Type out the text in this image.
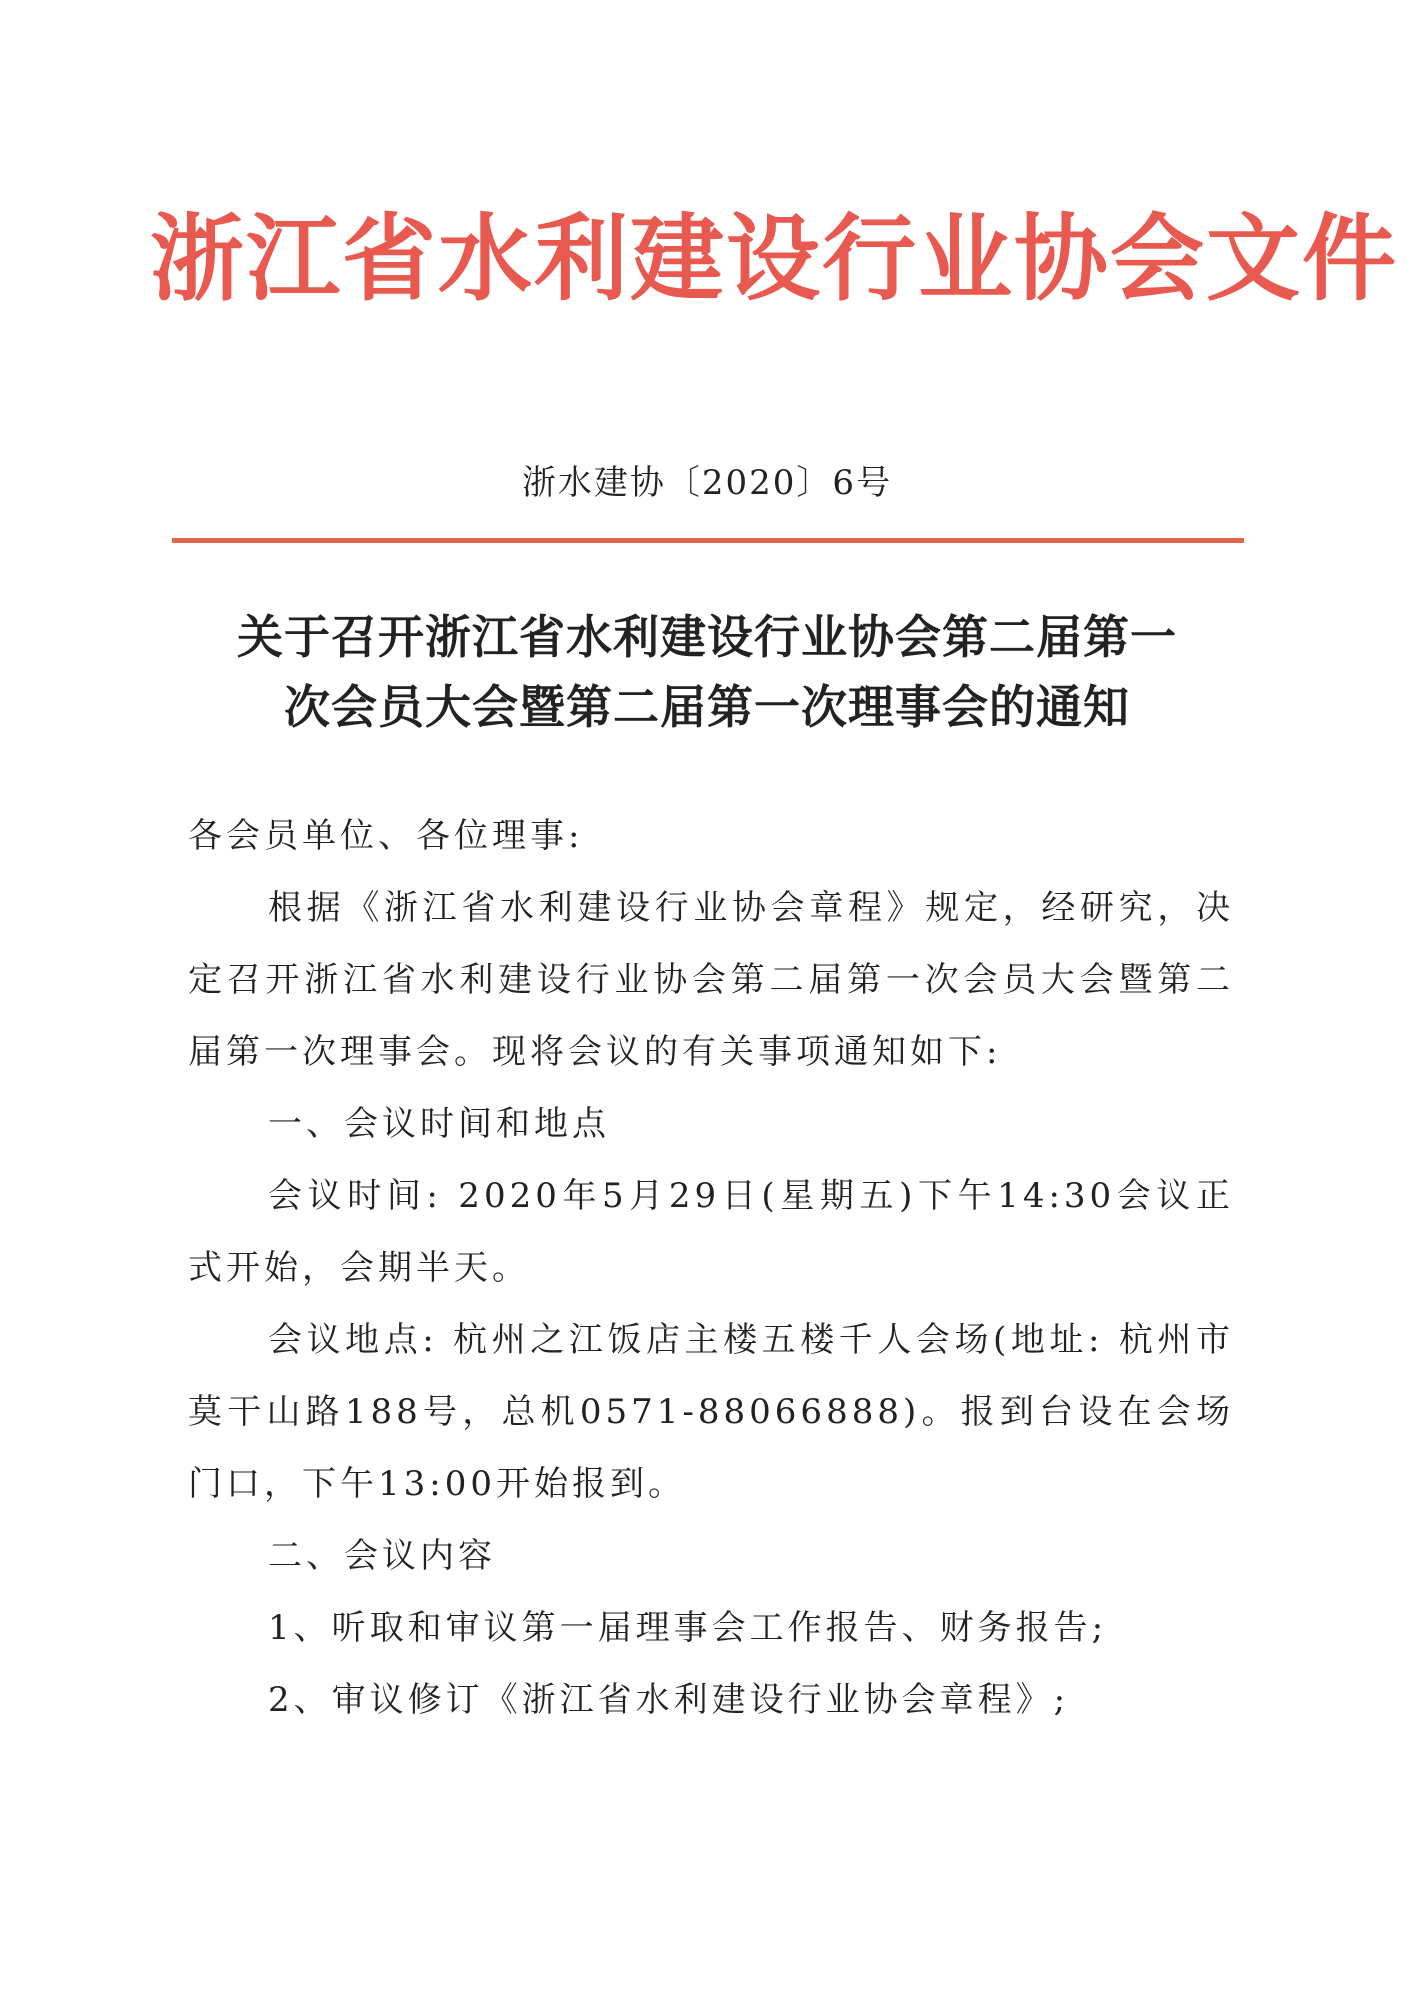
浙江省水利建设行业协会文件
浙水建协〔2020〕6号
关于召开浙江省水利建设行业协会第二届第一
次会员大会暨第二届第一次理事会的通知

各会员单位、各位理事:

根据《浙江省水利建设行业协会章程》规定，经研究，决定召开浙江省水利建设行业协会第二届第一次会员大会暨第二届第一次理事会。现将会议的有关事项通知如下:

一、会议时间和地点

会议时间: 2020年5月29日(星期五)下午14:30会议正式开始，会期半天。

会议地点: 杭州之江饭店主楼五楼千人会场(地址: 杭州市莫干山路188号，总机0571-88066888)。报到台设在会场门口，下午13:00开始报到。

二、会议内容

1、听取和审议第一届理事会工作报告、财务报告;

2、审议修订《浙江省水利建设行业协会章程》;
